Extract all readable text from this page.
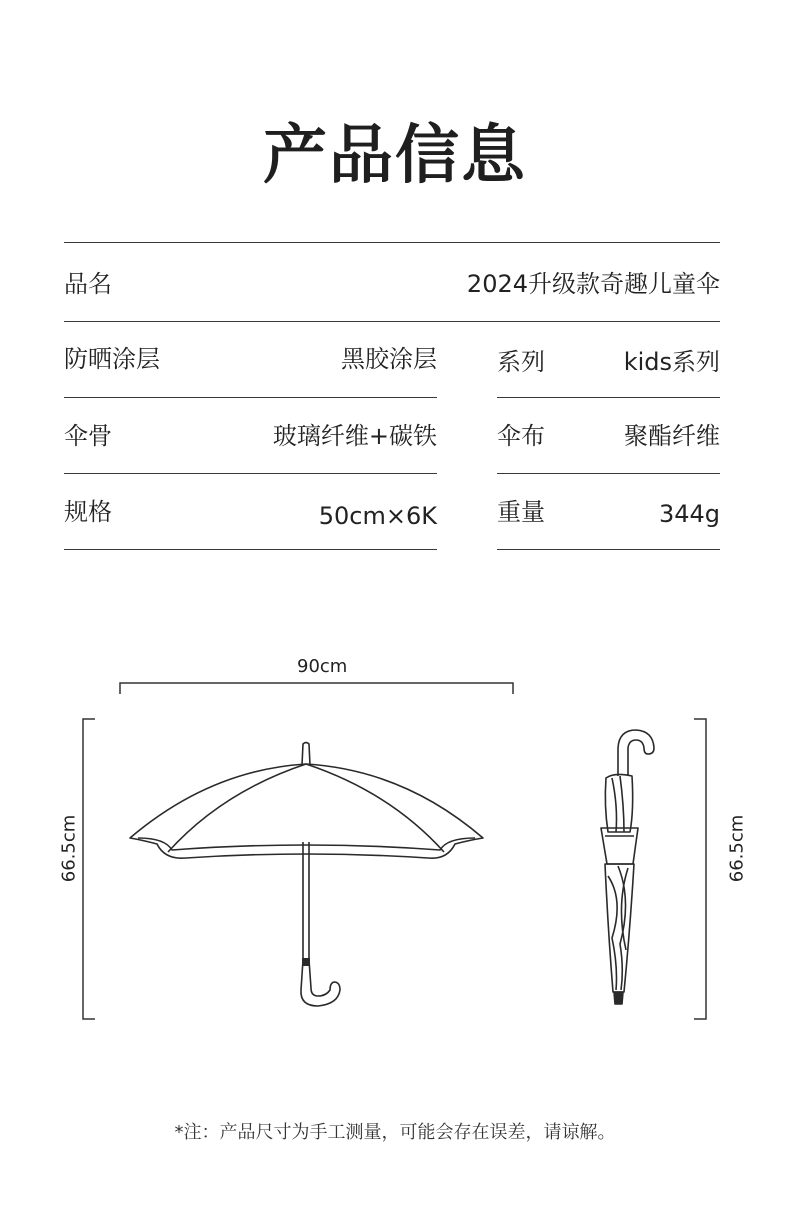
产品信息
品名	2024升级款奇趣儿童伞
防晒涂层	黑胶涂层	系列	kids系列
伞骨	玻璃纤维+碳铁	伞布	聚酯纤维
规格	50cm×6K	重量	344g
90cm
66.5cm	66.5cm
*注：产品尺寸为手工测量，可能会存在误差，请谅解。
